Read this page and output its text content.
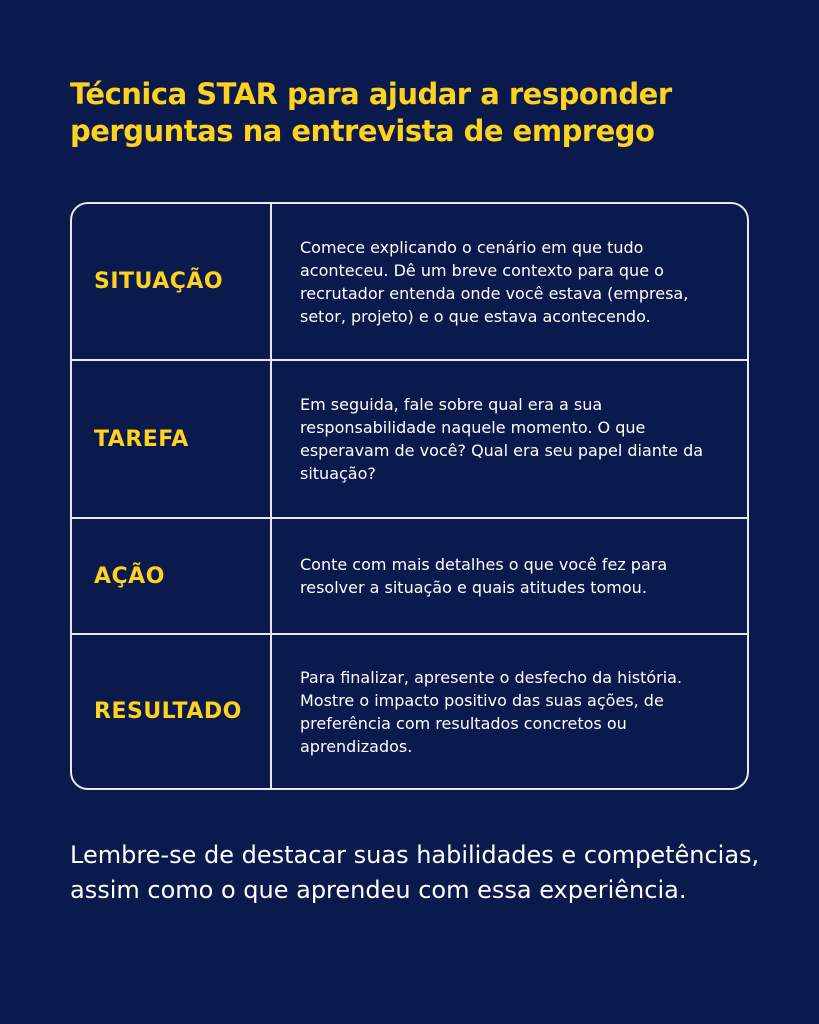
Técnica STAR para ajudar a responder perguntas na entrevista de emprego
SITUAÇÃO
Comece explicando o cenário em que tudo aconteceu. Dê um breve contexto para que o recrutador entenda onde você estava (empresa, setor, projeto) e o que estava acontecendo.
TAREFA
Em seguida, fale sobre qual era a sua responsabilidade naquele momento. O que esperavam de você? Qual era seu papel diante da situação?
AÇÃO	Conte com mais detalhes o que você fez para resolver a situação e quais atitudes tomou.
RESULTADO
Para finalizar, apresente o desfecho da história. Mostre o impacto positivo das suas ações, de preferência com resultados concretos ou aprendizados.

Lembre-se de destacar suas habilidades e competências, assim como o que aprendeu com essa experiência.
